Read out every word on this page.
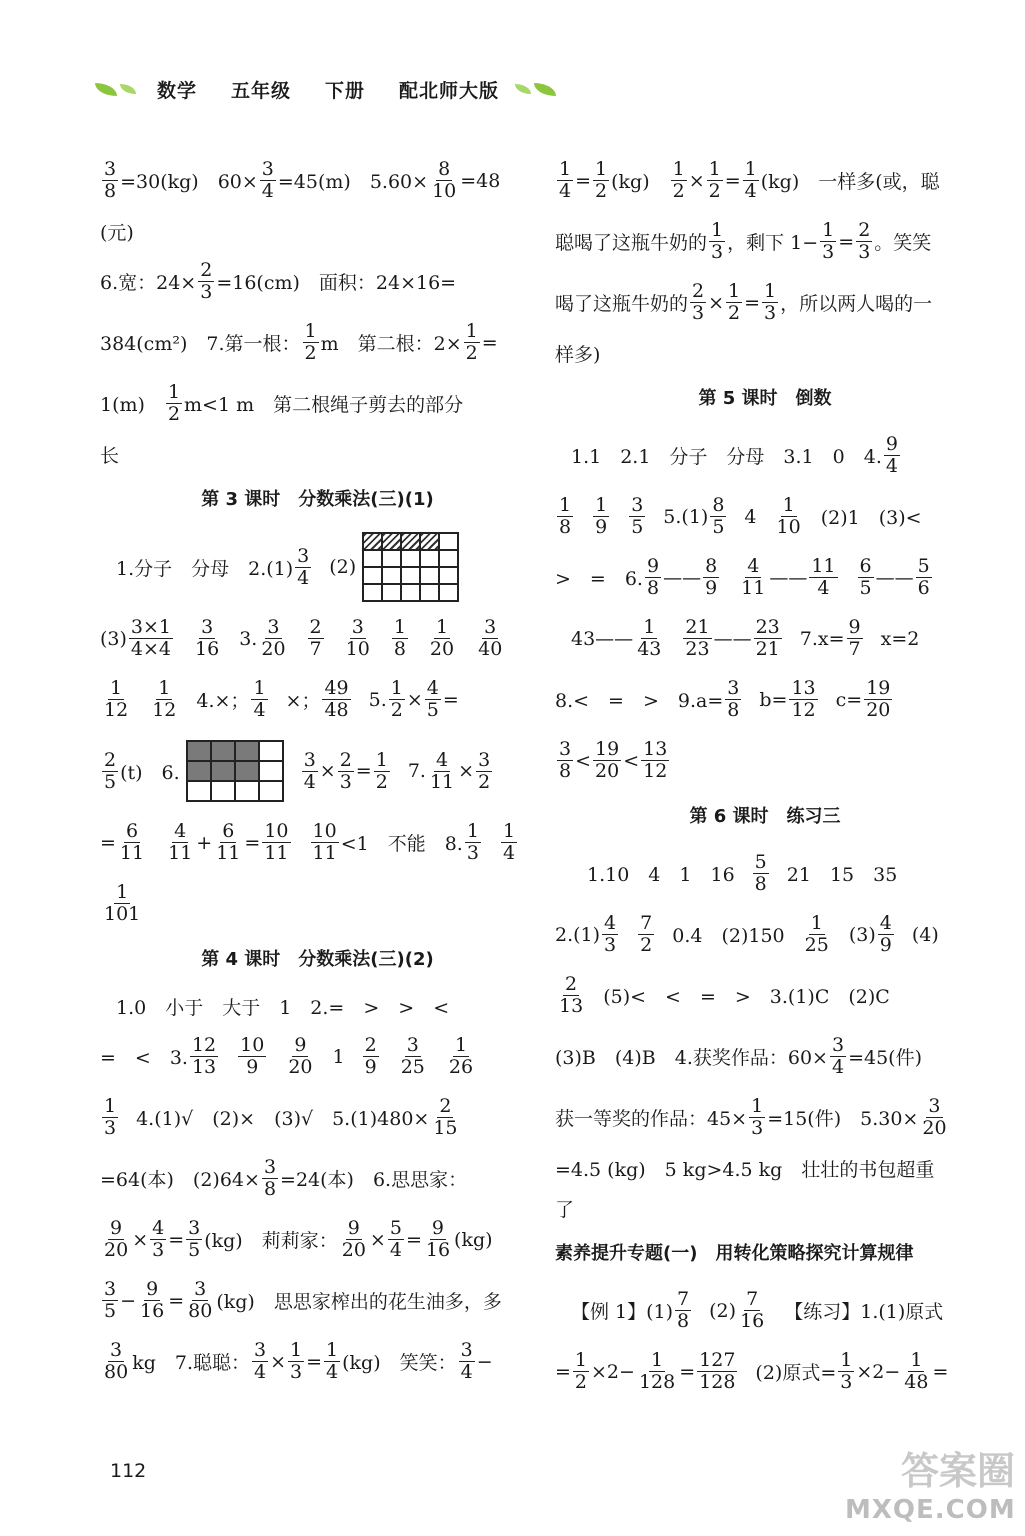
数学 五年级 下册 配北师大版
$\frac{3}{8} =30(kg)$　$60\times \frac{3}{4} =45(m)$　$5.60\times \frac{8}{10} =48$
(元)
6.宽：$24\times \frac{2}{3} =16(cm)$　面积：24×16=
384(cm²)　7.第一根：
1
2 m　第二根：$2\times \frac{1}{2}$ =
1(m)　
1
2 m<1 m　第二根绳子剪去的部分
长
第 3 课时　分数乘法(三)(1)
1.分子　分母　2.(1)
3
4 (2)
(3)
3×1
4×4
3
16 3.
3
20
2
7
3
10
1
8
1
20
3
40
1
12
1
12 4.×；
1
4 ×；
49
48 5. $\frac{1}{2} \times \frac{4}{5}$ =
2
5 (t)　6.	$\frac{3}{4} \times \frac{2}{3} = \frac{1}{2} 7$. $\frac{4}{11} \times \frac{3}{2}$
= $\frac{6}{11} 4$
$11 + \frac{6}{11} = \frac{10}{11} 10$
11 <1　不能　8.
1
3
1
4
1
101
第 4 课时　分数乘法(三)(2)
1.0　小于　大于　1　2.=　>　>　<
=　<　3.
12
13
10
9
9
20 1
2
9
3
25
1
26
1
3 4.(1)√　(2)×　(3)√　$5.(1)480\times \frac{2}{15}$
=64(本)　$(2)64\times \frac{3}{8} =24$(本)　6.思思家：
$\frac{9}{20} \times \frac{4}{3} = \frac{3}{5} (kg)$　莉莉家： $\frac{9}{20} \times \frac{5}{4} = \frac{9}{16} (kg)$
3
$5 - \frac{9}{16} = \frac{3}{80} (kg)$　思思家榨出的花生油多，多
3
80 kg　7.聪聪： $\frac{3}{4} \times \frac{1}{3} = \frac{1}{4} (kg)$　笑笑：
3
4 −
$\frac{1}{4} = \frac{1}{2} (kg)$　 $\frac{1}{2} \times \frac{1}{2} = \frac{1}{4} (kg)$　一样多(或，聪
聪喝了这瓶牛奶的
1
3 ，剩下 $1- \frac{1}{3} = \frac{2}{3}$ 。笑笑
喝了这瓶牛奶的 $\frac{2}{3} \times \frac{1}{2} = \frac{1}{3}$ ，所以两人喝的一
样多)
第 5 课时　倒数
1.1　2.1　分子　分母　3.1　0　4.
9
4
1
8
1
9
3
5 5.(1)
8
5 4
1
10 (2)1　(3)<
>　=　6.
9
8 ——
8
9
4
11 ——
11
4
6
5 ——
5
6
43——
1
43
21
23 ——
23
21 $7.x= \frac{9}{7} x=2$
8.<　=　>　$9.a= \frac{3}{8} b= \frac{13}{12} c= \frac{19}{20}$
3
8 <
19
20 <
13
12
第 6 课时　练习三
1.10　4　1　16
5
8 21　15　35
2.(1)
4
3
7
2 0.4　(2)150
1
25 (3)
4
9 (4)
2
13 (5)<　<　=　>　3.(1)C　(2)C
(3)B　(4)B　4.获奖作品：$60\times \frac{3}{4} =45$(件)
获一等奖的作品：$45\times \frac{1}{3} =15$(件)　$5.30\times \frac{3}{20}$
=4.5 (kg)　5 kg>4.5 kg　壮壮的书包超重
了
素养提升专题(一)　用转化策略探究计算规律
【例 1】(1)
7
8 (2)
7
16 【练习】1.(1)原式
= $\frac{1}{2} \times 2- \frac{1}{128} = \frac{127}{128} (2)$原式= $\frac{1}{3} \times 2- \frac{1}{48}$ =
112	答案圈
MXQE.COM
